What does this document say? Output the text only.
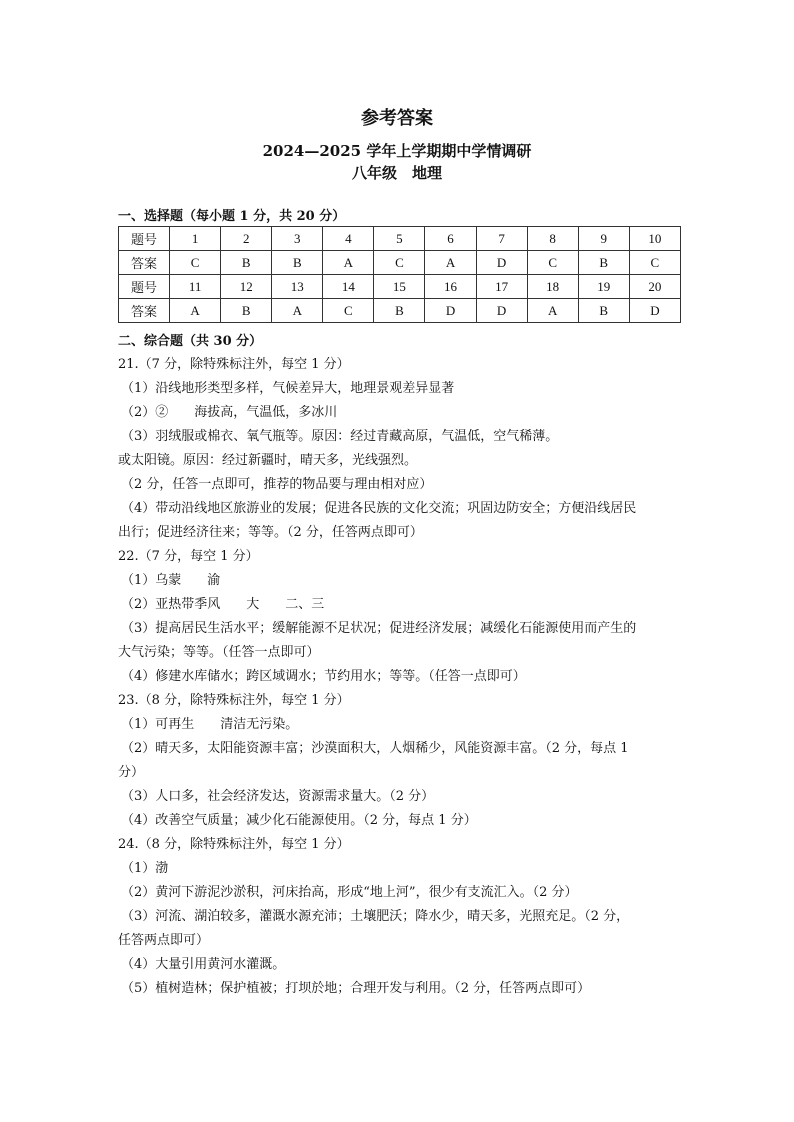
参考答案
2024—2025 学年上学期期中学情调研
八年级　地理
一、选择题（每小题 1 分，共 20 分）
题号	1	2	3	4	5	6	7	8	9	10
答案	C	B	B	A	C	A	D	C	B	C
题号	11	12	13	14	15	16	17	18	19	20
答案	A	B	A	C	B	D	D	A	B	D
二、综合题（共 30 分）
21.（7 分，除特殊标注外，每空 1 分）
（1）沿线地形类型多样，气候差异大，地理景观差异显著
（2）②　　海拔高，气温低，多冰川
（3）羽绒服或棉衣、氧气瓶等。原因：经过青藏高原，气温低，空气稀薄。
或太阳镜。原因：经过新疆时，晴天多，光线强烈。
（2 分，任答一点即可，推荐的物品要与理由相对应）
（4）带动沿线地区旅游业的发展；促进各民族的文化交流；巩固边防安全；方便沿线居民
出行；促进经济往来；等等。（2 分，任答两点即可）
22.（7 分，每空 1 分）
（1）乌蒙　　渝
（2）亚热带季风　　大　　二、三
（3）提高居民生活水平；缓解能源不足状况；促进经济发展；减缓化石能源使用而产生的
大气污染；等等。（任答一点即可）
（4）修建水库储水；跨区域调水；节约用水；等等。（任答一点即可）
23.（8 分，除特殊标注外，每空 1 分）
（1）可再生　　清洁无污染。
（2）晴天多，太阳能资源丰富；沙漠面积大，人烟稀少，风能资源丰富。（2 分，每点 1
分）
（3）人口多，社会经济发达，资源需求量大。（2 分）
（4）改善空气质量；减少化石能源使用。（2 分，每点 1 分）
24.（8 分，除特殊标注外，每空 1 分）
（1）渤
（2）黄河下游泥沙淤积，河床抬高，形成“地上河”，很少有支流汇入。（2 分）
（3）河流、湖泊较多，灌溉水源充沛；土壤肥沃；降水少，晴天多，光照充足。（2 分，
任答两点即可）
（4）大量引用黄河水灌溉。
（5）植树造林；保护植被；打坝於地；合理开发与利用。（2 分，任答两点即可）
